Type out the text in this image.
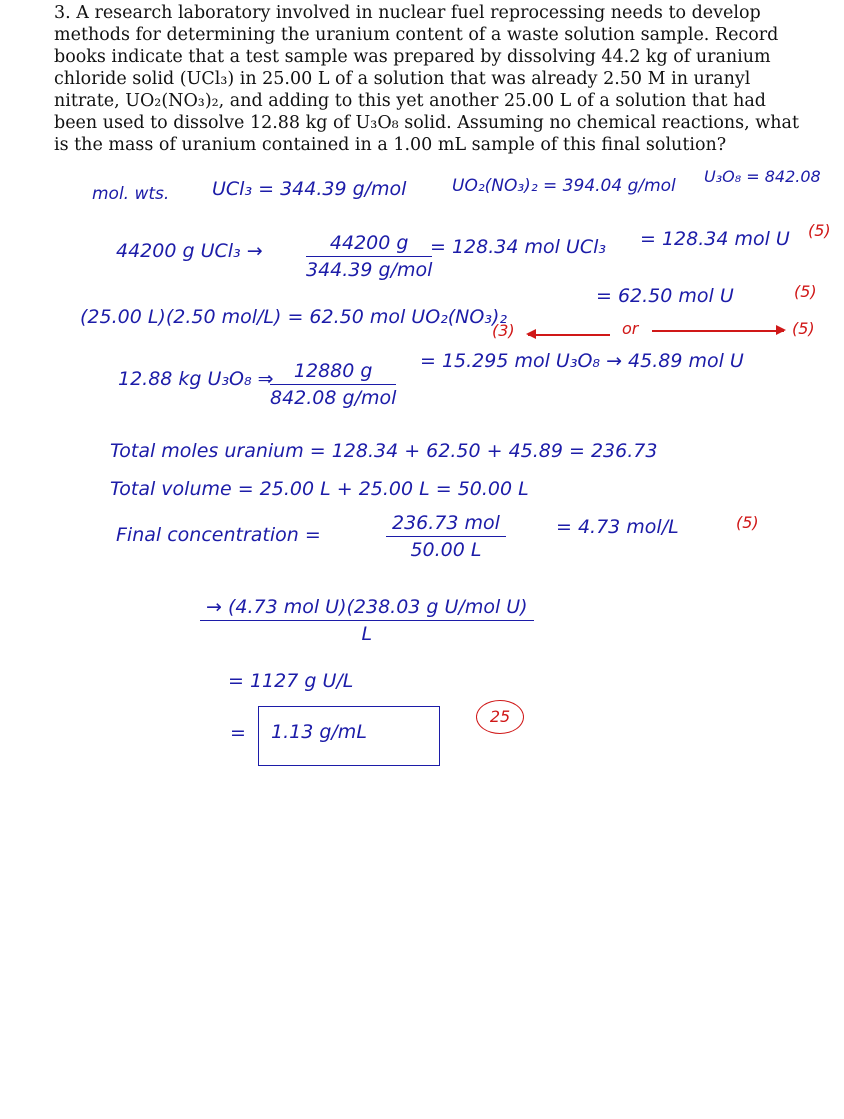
3. A research laboratory involved in nuclear fuel reprocessing needs to develop methods for determining the uranium content of a waste solution sample. Record books indicate that a test sample was prepared by dissolving 44.2 kg of uranium chloride solid (UCl₃) in 25.00 L of a solution that was already 2.50 M in uranyl nitrate, UO₂(NO₃)₂, and adding to this yet another 25.00 L of a solution that had been used to dissolve 12.88 kg of U₃O₈ solid. Assuming no chemical reactions, what is the mass of uranium contained in a 1.00 mL sample of this final solution?

mol. wts. UCl₃ = 344.39 g/mol	UO₂(NO₃)₂ = 394.04 g/mol U₃O₈ = 842.08
44200 g UCl₃ →	44200 g
344.39 g/mol
= 128.34 mol UCl₃ = 128.34 mol U (5)
(25.00 L)(2.50 mol/L) = 62.50 mol UO₂(NO₃)₂
= 62.50 mol U	(5)
(3)	or	(5)
12.88 kg U₃O₈ ⇒	12880 g
842.08 g/mol
= 15.295 mol U₃O₈ → 45.89 mol U
Total moles uranium = 128.34 + 62.50 + 45.89 = 236.73
Total volume = 25.00 L + 25.00 L = 50.00 L
Final concentration =
236.73 mol
50.00 L
= 4.73 mol/L	(5)
→ (4.73 mol U)(238.03 g U/mol U)
L
= 1127 g U/L
= 1.13 g/mL
25
